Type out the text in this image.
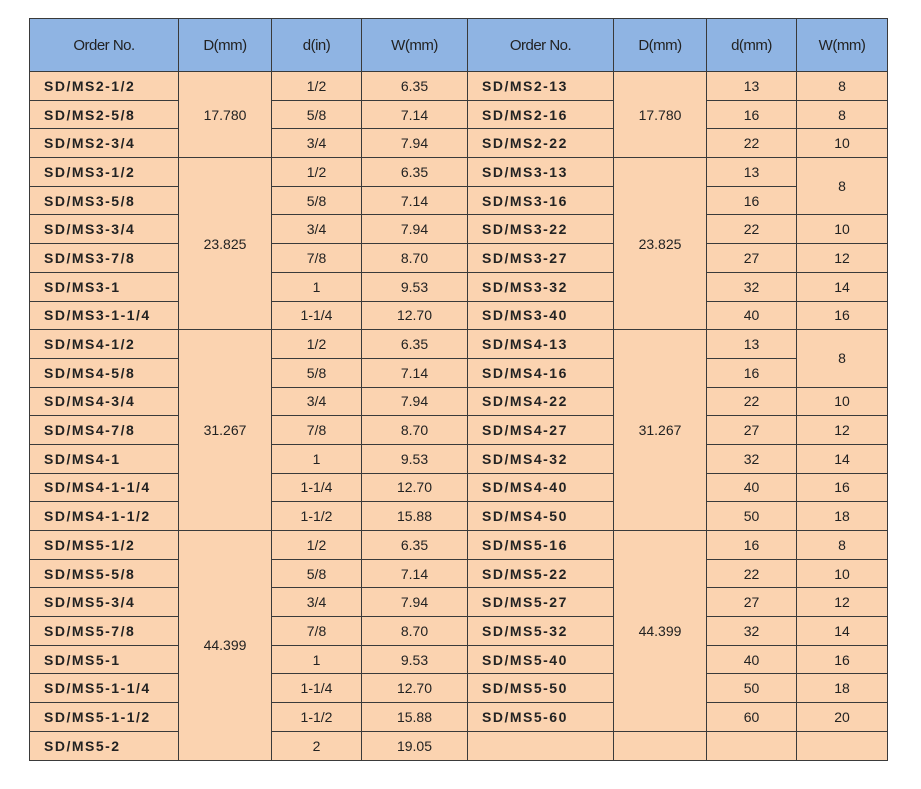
Order No.	D(mm)	d(in)	W(mm)	Order No.	D(mm)	d(mm)	W(mm)
SD/MS2-1/2	17.780	1/2	6.35	SD/MS2-13	17.780	13	8
SD/MS2-5/8		5/8	7.14	SD/MS2-16		16	8
SD/MS2-3/4		3/4	7.94	SD/MS2-22		22	10
SD/MS3-1/2	23.825	1/2	6.35	SD/MS3-13	23.825	13	8
SD/MS3-5/8		5/8	7.14	SD/MS3-16		16	
SD/MS3-3/4		3/4	7.94	SD/MS3-22		22	10
SD/MS3-7/8		7/8	8.70	SD/MS3-27		27	12
SD/MS3-1		1	9.53	SD/MS3-32		32	14
SD/MS3-1-1/4		1-1/4	12.70	SD/MS3-40		40	16
SD/MS4-1/2	31.267	1/2	6.35	SD/MS4-13	31.267	13	8
SD/MS4-5/8		5/8	7.14	SD/MS4-16		16	
SD/MS4-3/4		3/4	7.94	SD/MS4-22		22	10
SD/MS4-7/8		7/8	8.70	SD/MS4-27		27	12
SD/MS4-1		1	9.53	SD/MS4-32		32	14
SD/MS4-1-1/4		1-1/4	12.70	SD/MS4-40		40	16
SD/MS4-1-1/2		1-1/2	15.88	SD/MS4-50		50	18
SD/MS5-1/2	44.399	1/2	6.35	SD/MS5-16	44.399	16	8
SD/MS5-5/8		5/8	7.14	SD/MS5-22		22	10
SD/MS5-3/4		3/4	7.94	SD/MS5-27		27	12
SD/MS5-7/8		7/8	8.70	SD/MS5-32		32	14
SD/MS5-1		1	9.53	SD/MS5-40		40	16
SD/MS5-1-1/4		1-1/4	12.70	SD/MS5-50		50	18
SD/MS5-1-1/2		1-1/2	15.88	SD/MS5-60		60	20
SD/MS5-2		2	19.05				
